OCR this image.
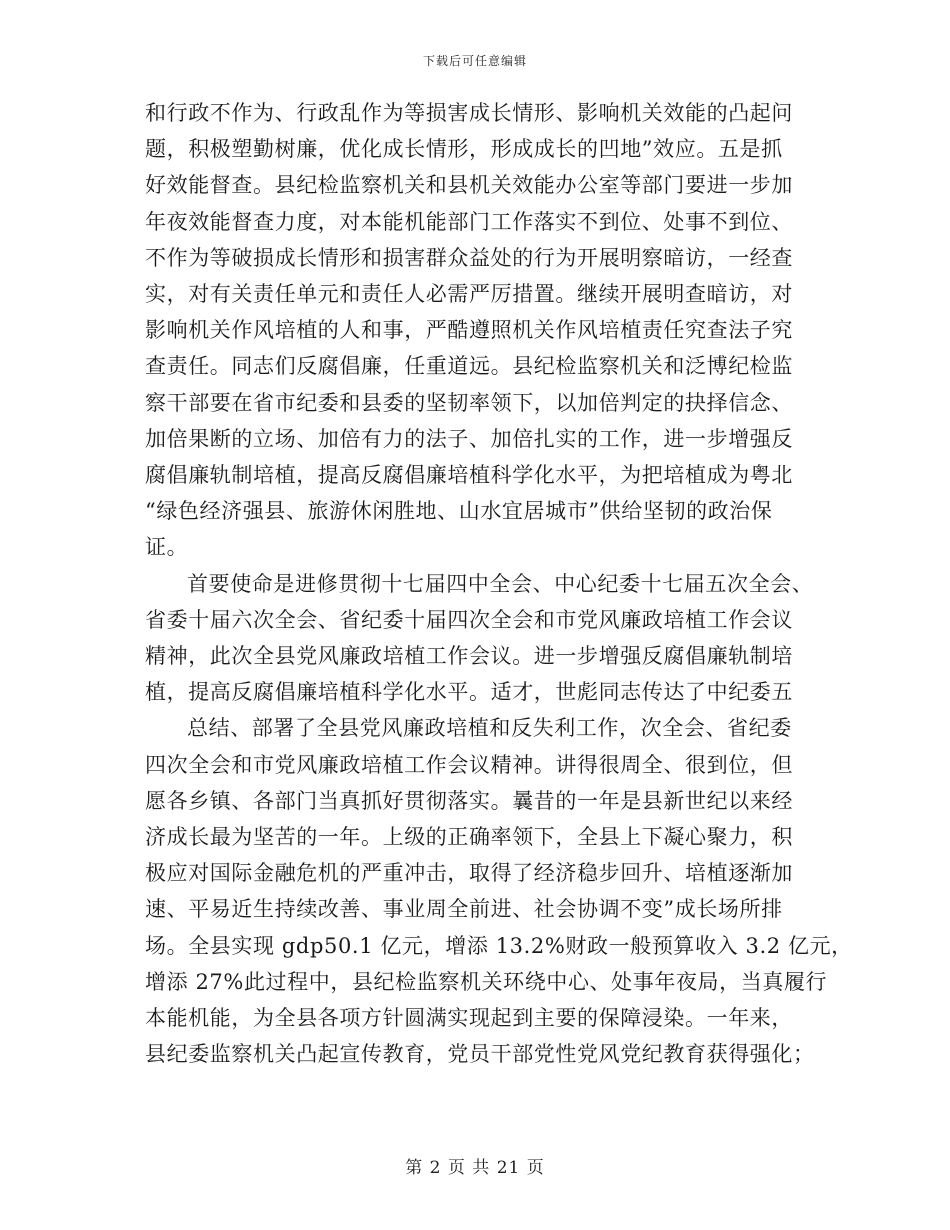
下载后可任意编辑

和行政不作为、行政乱作为等损害成长情形、影响机关效能的凸起问
题，积极塑勤树廉，优化成长情形，形成成长的凹地”效应。五是抓
好效能督查。县纪检监察机关和县机关效能办公室等部门要进一步加
年夜效能督查力度，对本能机能部门工作落实不到位、处事不到位、
不作为等破损成长情形和损害群众益处的行为开展明察暗访，一经查
实，对有关责任单元和责任人必需严厉措置。继续开展明查暗访，对
影响机关作风培植的人和事，严酷遵照机关作风培植责任究查法子究
查责任。同志们反腐倡廉，任重道远。县纪检监察机关和泛博纪检监
察干部要在省市纪委和县委的坚韧率领下，以加倍判定的抉择信念、
加倍果断的立场、加倍有力的法子、加倍扎实的工作，进一步增强反
腐倡廉轨制培植，提高反腐倡廉培植科学化水平，为把培植成为粤北
“绿色经济强县、旅游休闲胜地、山水宜居城市”供给坚韧的政治保
证。

首要使命是进修贯彻十七届四中全会、中心纪委十七届五次全会、
省委十届六次全会、省纪委十届四次全会和市党风廉政培植工作会议
精神，此次全县党风廉政培植工作会议。进一步增强反腐倡廉轨制培
植，提高反腐倡廉培植科学化水平。适才，世彪同志传达了中纪委五

总结、部署了全县党风廉政培植和反失利工作，次全会、省纪委
四次全会和市党风廉政培植工作会议精神。讲得很周全、很到位，但
愿各乡镇、各部门当真抓好贯彻落实。曩昔的一年是县新世纪以来经
济成长最为坚苦的一年。上级的正确率领下，全县上下凝心聚力，积
极应对国际金融危机的严重冲击，取得了经济稳步回升、培植逐渐加
速、平易近生持续改善、事业周全前进、社会协调不变”成长场所排
场。全县实现 gdp50.1 亿元，增添 13.2%财政一般预算收入 3.2 亿元，
增添 27%此过程中，县纪检监察机关环绕中心、处事年夜局，当真履行
本能机能，为全县各项方针圆满实现起到主要的保障浸染。一年来，
县纪委监察机关凸起宣传教育，党员干部党性党风党纪教育获得强化；

第 2 页 共 21 页
